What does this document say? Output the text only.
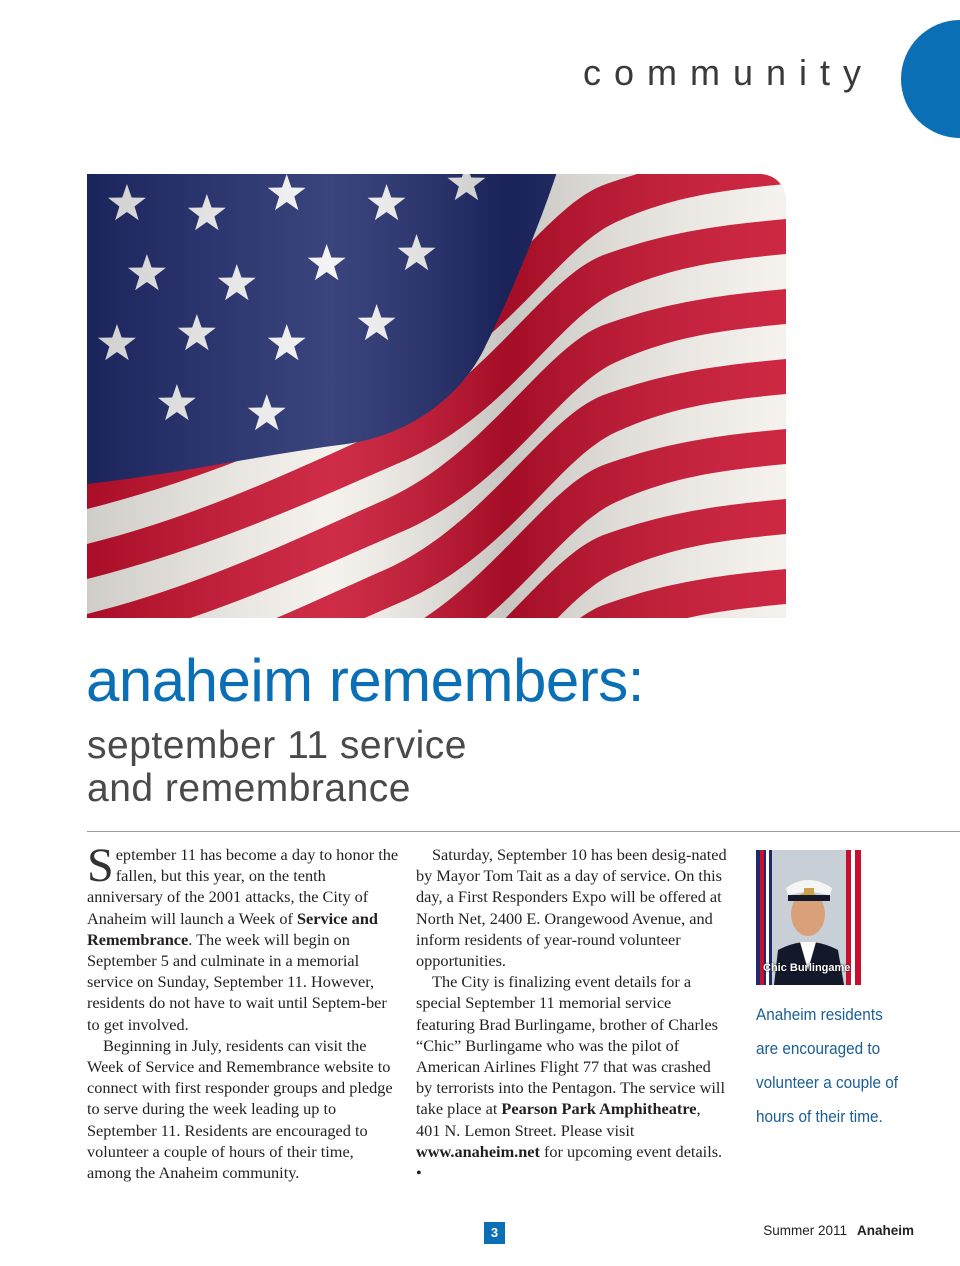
community
anaheim remembers:
september 11 service
and remembrance

September 11 has become a day to honor the fallen, but this year, on the tenth anniversary of the 2001 attacks, the City of Anaheim will launch a Week of Service and Remembrance. The week will begin on September 5 and culminate in a memorial service on Sunday, September 11. However, residents do not have to wait until Septem-ber to get involved.

Beginning in July, residents can visit the Week of Service and Remembrance website to connect with first responder groups and pledge to serve during the week leading up to September 11. Residents are encouraged to volunteer a couple of hours of their time, among the Anaheim community.

Saturday, September 10 has been desig-nated by Mayor Tom Tait as a day of service. On this day, a First Responders Expo will be offered at North Net, 2400 E. Orangewood Avenue, and inform residents of year-round volunteer opportunities.

The City is finalizing event details for a special September 11 memorial service featuring Brad Burlingame, brother of Charles “Chic” Burlingame who was the pilot of American Airlines Flight 77 that was crashed by terrorists into the Pentagon. The service will take place at Pearson Park Amphitheatre, 401 N. Lemon Street. Please visit www.anaheim.net for upcoming event details. •

Chic Burlingame

Anaheim residents are encouraged to volunteer a couple of hours of their time.

3	Summer 2011 Anaheim
